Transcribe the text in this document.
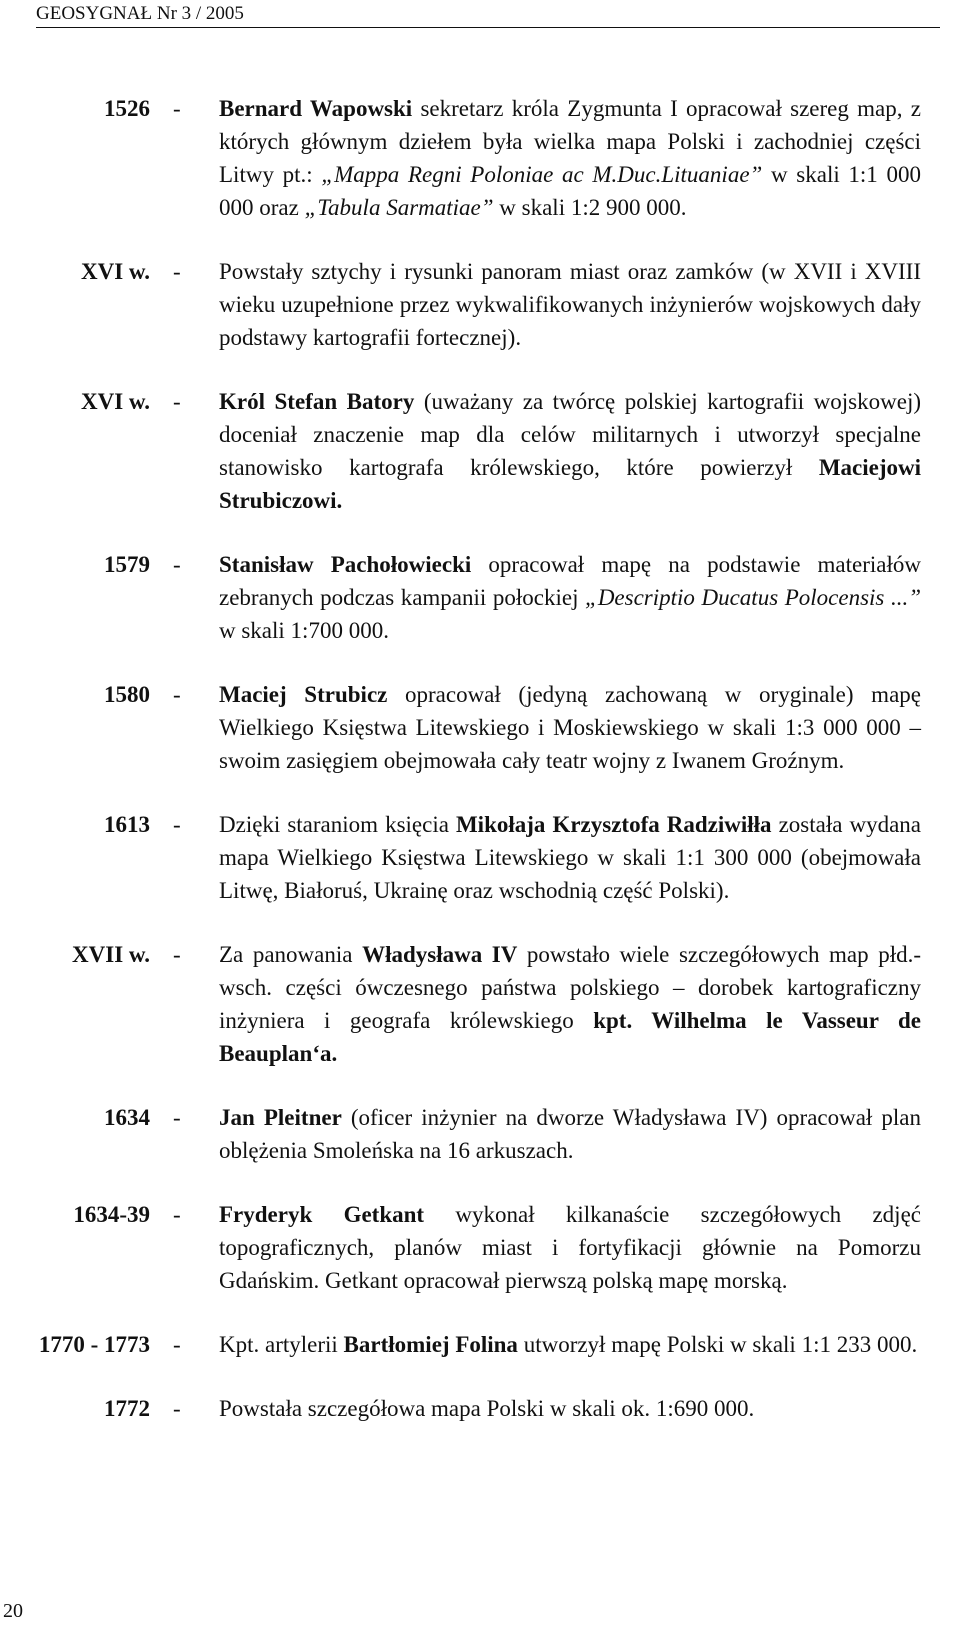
GEOSYGNAŁ Nr 3 / 2005
1526 - Bernard Wapowski sekretarz króla Zygmunta I opracował szereg map, z których głównym dziełem była wielka mapa Polski i zachodniej części Litwy pt.: „Mappa Regni Poloniae ac M.Duc.Lituaniae” w skali 1:1 000 000 oraz „Tabula Sarmatiae” w skali 1:2 900 000.
XVI w. - Powstały sztychy i rysunki panoram miast oraz zamków (w XVII i XVIII wieku uzupełnione przez wykwalifikowanych inżynierów wojskowych dały podstawy kartografii fortecznej).
XVI w. - Król Stefan Batory (uważany za twórcę polskiej kartografii wojskowej) doceniał znaczenie map dla celów militarnych i utworzył specjalne stanowisko kartografa królewskiego, które powierzył Maciejowi Strubiczowi.
1579 - Stanisław Pachołowiecki opracował mapę na podstawie materiałów zebranych podczas kampanii połockiej „Descriptio Ducatus Polocensis ...” w skali 1:700 000.
1580 - Maciej Strubicz opracował (jedyną zachowaną w oryginale) mapę Wielkiego Księstwa Litewskiego i Moskiewskiego w skali 1:3 000 000 – swoim zasięgiem obejmowała cały teatr wojny z Iwanem Groźnym.
1613 - Dzięki staraniom księcia Mikołaja Krzysztofa Radziwiłła została wydana mapa Wielkiego Księstwa Litewskiego w skali 1:1 300 000 (obejmowała Litwę, Białoruś, Ukrainę oraz wschodnią część Polski).
XVII w. - Za panowania Władysława IV powstało wiele szczegółowych map płd.-wsch. części ówczesnego państwa polskiego – dorobek kartograficzny inżyniera i geografa królewskiego kpt. Wilhelma le Vasseur de Beauplan‘a.
1634 - Jan Pleitner (oficer inżynier na dworze Władysława IV) opracował plan oblężenia Smoleńska na 16 arkuszach.
1634-39 - Fryderyk Getkant wykonał kilkanaście szczegółowych zdjęć topograficznych, planów miast i fortyfikacji głównie na Pomorzu Gdańskim. Getkant opracował pierwszą polską mapę morską.
1770 - 1773 - Kpt. artylerii Bartłomiej Folina utworzył mapę Polski w skali 1:1 233 000.
1772 - Powstała szczegółowa mapa Polski w skali ok. 1:690 000.
20
